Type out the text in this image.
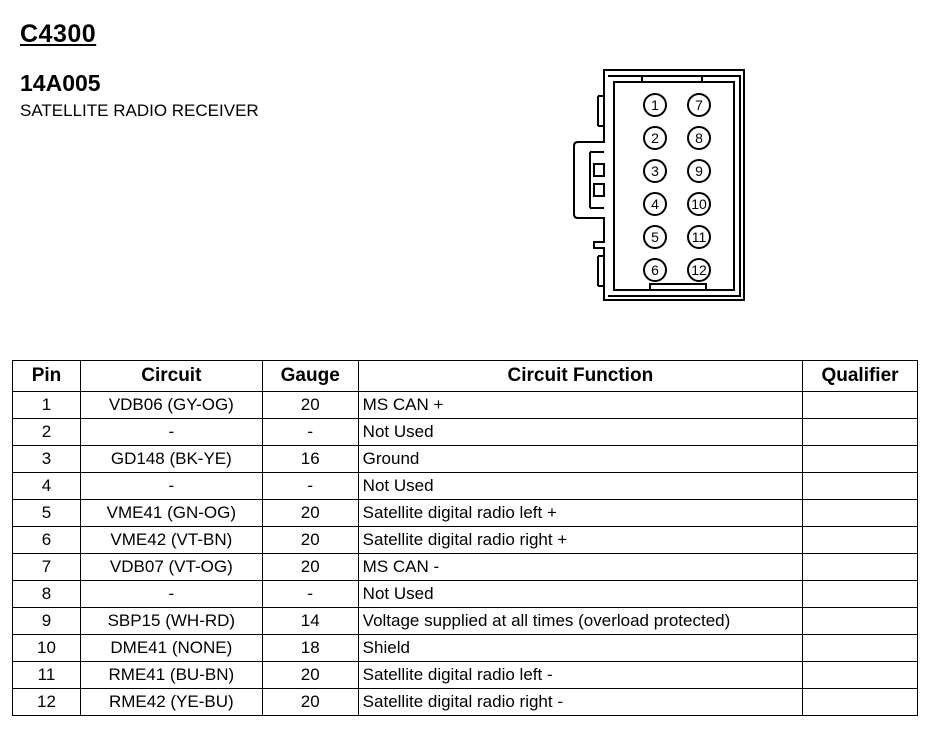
C4300
14A005
SATELLITE RADIO RECEIVER	1
2
3
4
5
6
7
8
9
10
11
12
Pin	Circuit	Gauge	Circuit Function	Qualifier
1	VDB06 (GY-OG)	20	MS CAN +	
2	-	-	Not Used	
3	GD148 (BK-YE)	16	Ground	
4	-	-	Not Used	
5	VME41 (GN-OG)	20	Satellite digital radio left +	
6	VME42 (VT-BN)	20	Satellite digital radio right +	
7	VDB07 (VT-OG)	20	MS CAN -	
8	-	-	Not Used	
9	SBP15 (WH-RD)	14	Voltage supplied at all times (overload protected)	
10	DME41 (NONE)	18	Shield	
11	RME41 (BU-BN)	20	Satellite digital radio left -	
12	RME42 (YE-BU)	20	Satellite digital radio right -	
